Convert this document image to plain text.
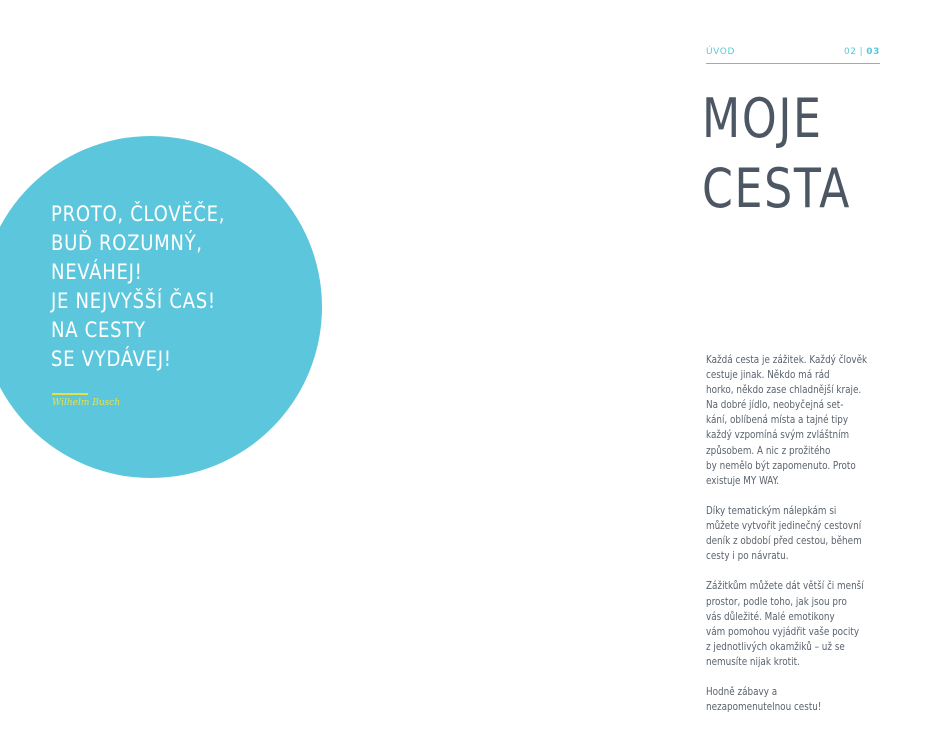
PROTO, ČLOVĚČE,
BUĎ ROZUMNÝ,
NEVÁHEJ!
JE NEJVYŠŠÍ ČAS!
NA CESTY
SE VYDÁVEJ!
Wilhelm Busch
ÚVOD	02 | 03
MOJE
CESTA
Každá cesta je zážitek. Každý člověk
cestuje jinak. Někdo má rád
horko, někdo zase chladnější kraje.
Na dobré jídlo, neobyčejná set-
kání, oblíbená místa a tajné tipy
každý vzpomíná svým zvláštním
způsobem. A nic z prožitého
by nemělo být zapomenuto. Proto
existuje MY WAY.
Díky tematickým nálepkám si
můžete vytvořit jedinečný cestovní
deník z období před cestou, během
cesty i po návratu.
Zážitkům můžete dát větší či menší
prostor, podle toho, jak jsou pro
vás důležité. Malé emotikony
vám pomohou vyjádřit vaše pocity
z jednotlivých okamžiků – už se
nemusíte nijak krotit.
Hodně zábavy a
nezapomenutelnou cestu!
